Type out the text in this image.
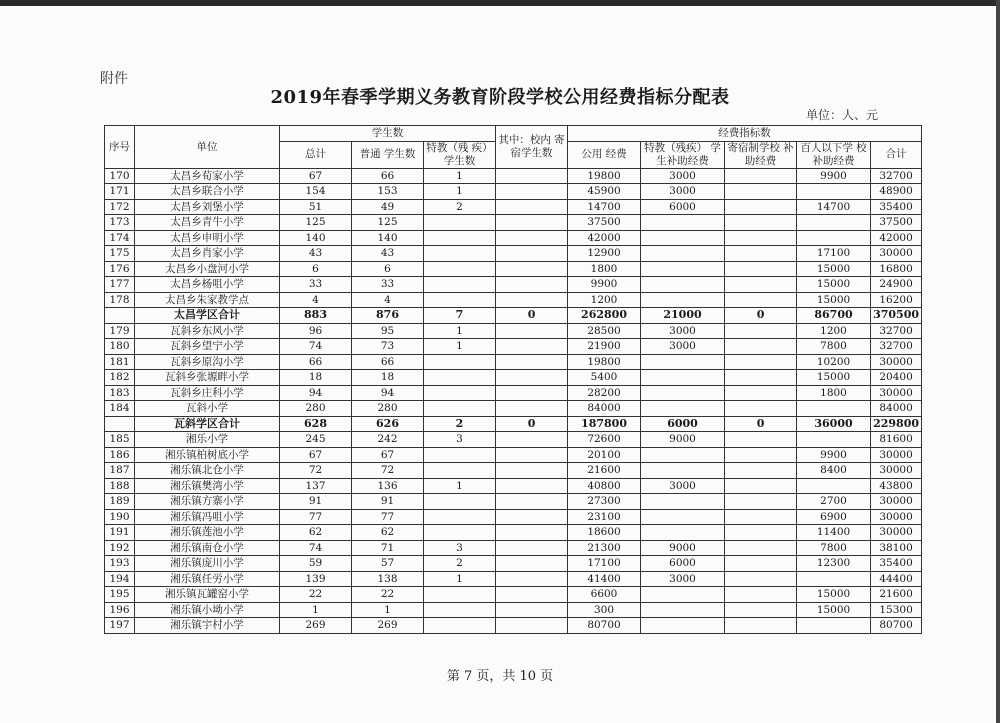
附件
2019年春季学期义务教育阶段学校公用经费指标分配表
单位：人、元
序号	单位	学生数			其中：校内 寄宿学生数	经费指标数				
		总计	普通 学生数	特教（残 疾）学生数		公用 经费	特教（残疾） 学生补助经费	寄宿制学校 补助经费	百人以下学 校补助经费	合计
170	太昌乡荀家小学	67	66	1		19800	3000		9900	32700
171	太昌乡联合小学	154	153	1		45900	3000			48900
172	太昌乡刘堡小学	51	49	2		14700	6000		14700	35400
173	太昌乡青牛小学	125	125			37500				37500
174	太昌乡申明小学	140	140			42000				42000
175	太昌乡肖家小学	43	43			12900			17100	30000
176	太昌乡小盘河小学	6	6			1800			15000	16800
177	太昌乡杨咀小学	33	33			9900			15000	24900
178	太昌乡朱家教学点	4	4			1200			15000	16200
	太昌学区合计	883	876	7	0	262800	21000	0	86700	370500
179	瓦斜乡东风小学	96	95	1		28500	3000		1200	32700
180	瓦斜乡望宁小学	74	73	1		21900	3000		7800	32700
181	瓦斜乡原沟小学	66	66			19800			10200	30000
182	瓦斜乡张塬畔小学	18	18			5400			15000	20400
183	瓦斜乡庄科小学	94	94			28200			1800	30000
184	瓦斜小学	280	280			84000				84000
	瓦斜学区合计	628	626	2	0	187800	6000	0	36000	229800
185	湘乐小学	245	242	3		72600	9000			81600
186	湘乐镇柏树底小学	67	67			20100			9900	30000
187	湘乐镇北仓小学	72	72			21600			8400	30000
188	湘乐镇樊湾小学	137	136	1		40800	3000			43800
189	湘乐镇方寨小学	91	91			27300			2700	30000
190	湘乐镇冯咀小学	77	77			23100			6900	30000
191	湘乐镇莲池小学	62	62			18600			11400	30000
192	湘乐镇南仓小学	74	71	3		21300	9000		7800	38100
193	湘乐镇庞川小学	59	57	2		17100	6000		12300	35400
194	湘乐镇任労小学	139	138	1		41400	3000			44400
195	湘乐镇瓦罐窑小学	22	22			6600			15000	21600
196	湘乐镇小坳小学	1	1			300			15000	15300
197	湘乐镇宇村小学	269	269			80700				80700
第 7 页，共 10 页
